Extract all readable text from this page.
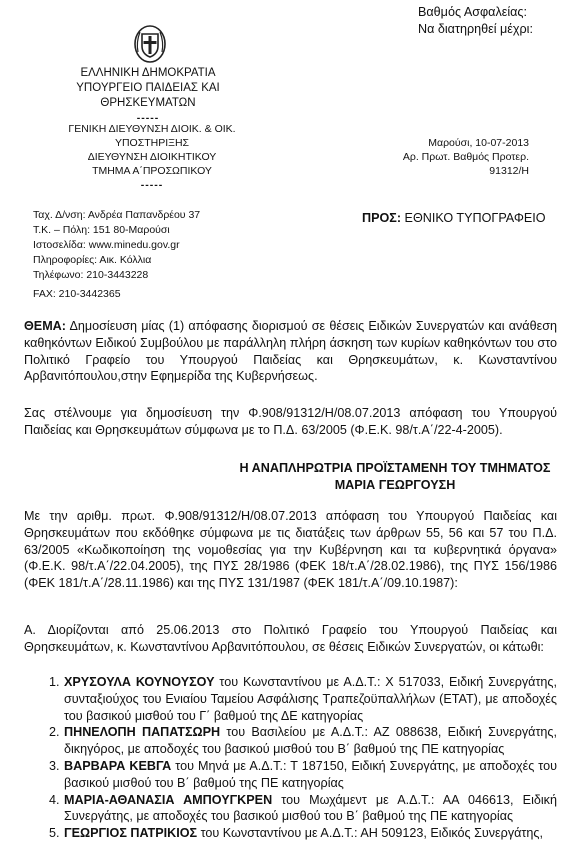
Βαθμός Ασφαλείας:
Να διατηρηθεί μέχρι:
ΕΛΛΗΝΙΚΗ ΔΗΜΟΚΡΑΤΙΑ
ΥΠΟΥΡΓΕΙΟ ΠΑΙΔΕΙΑΣ ΚΑΙ ΘΡΗΣΚΕΥΜΑΤΩΝ
-----
ΓΕΝΙΚΗ ΔΙΕΥΘΥΝΣΗ ΔΙΟΙΚ. & ΟΙΚ. ΥΠΟΣΤΗΡΙΞΗΣ
ΔΙΕΥΘΥΝΣΗ ΔΙΟΙΚΗΤΙΚΟΥ
ΤΜΗΜΑ Α΄ΠΡΟΣΩΠΙΚΟΥ
-----
Μαρούσι, 10-07-2013
Αρ. Πρωτ. Βαθμός Προτερ.
91312/Η
Ταχ. Δ/νση: Ανδρέα Παπανδρέου 37
Τ.Κ. – Πόλη: 151 80-Μαρούσι
Ιστοσελίδα: www.minedu.gov.gr
Πληροφορίες: Αικ. Κόλλια
Τηλέφωνο: 210-3443228
FAX: 210-3442365
ΠΡΟΣ: ΕΘΝΙΚΟ ΤΥΠΟΓΡΑΦΕΙΟ
ΘΕΜΑ: Δημοσίευση μίας (1) απόφασης διορισμού σε θέσεις Ειδικών Συνεργατών και ανάθεση καθηκόντων Ειδικού Συμβούλου με παράλληλη πλήρη άσκηση των κυρίων καθηκόντων του στο Πολιτικό Γραφείο του Υπουργού Παιδείας και Θρησκευμάτων, κ. Κωνσταντίνου Αρβανιτόπουλου,στην Εφημερίδα της Κυβερνήσεως.
Σας στέλνουμε για δημοσίευση την Φ.908/91312/Η/08.07.2013 απόφαση του Υπουργού Παιδείας και Θρησκευμάτων σύμφωνα με το Π.Δ. 63/2005 (Φ.Ε.Κ. 98/τ.Α΄/22-4-2005).
Η ΑΝΑΠΛΗΡΩΤΡΙΑ ΠΡΟΪΣΤΑΜΕΝΗ ΤΟΥ ΤΜΗΜΑΤΟΣ
ΜΑΡΙΑ ΓΕΩΡΓΟΥΣΗ
Με την αριθμ. πρωτ. Φ.908/91312/Η/08.07.2013 απόφαση του Υπουργού Παιδείας και Θρησκευμάτων που εκδόθηκε σύμφωνα με τις διατάξεις των άρθρων 55, 56 και 57 του Π.Δ. 63/2005 «Κωδικοποίηση της νομοθεσίας για την Κυβέρνηση και τα κυβερνητικά όργανα» (Φ.Ε.Κ. 98/τ.Α΄/22.04.2005), της ΠΥΣ 28/1986 (ΦΕΚ 18/τ.Α΄/28.02.1986), της ΠΥΣ 156/1986 (ΦΕΚ 181/τ.Α΄/28.11.1986) και της ΠΥΣ 131/1987 (ΦΕΚ 181/τ.Α΄/09.10.1987):
Α. Διορίζονται από 25.06.2013 στο Πολιτικό Γραφείο του Υπουργού Παιδείας και Θρησκευμάτων, κ. Κωνσταντίνου Αρβανιτόπουλου, σε θέσεις Ειδικών Συνεργατών, οι κάτωθι:
1. ΧΡΥΣΟΥΛΑ ΚΟΥΝΟΥΣΟΥ του Κωνσταντίνου με Α.Δ.Τ.: Χ 517033, Ειδική Συνεργάτης, συνταξιούχος του Ενιαίου Ταμείου Ασφάλισης Τραπεζοϋπαλλήλων (ΕΤΑΤ), με αποδοχές του βασικού μισθού του Γ΄ βαθμού της ΔΕ κατηγορίας
2. ΠΗΝΕΛΟΠΗ ΠΑΠΑΤΣΩΡΗ του Βασιλείου με Α.Δ.Τ.: ΑΖ 088638, Ειδική Συνεργάτης, δικηγόρος, με αποδοχές του βασικού μισθού του Β΄ βαθμού της ΠΕ κατηγορίας
3. ΒΑΡΒΑΡΑ ΚΕΒΓΑ του Μηνά με Α.Δ.Τ.: Τ 187150, Ειδική Συνεργάτης, με αποδοχές του βασικού μισθού του Β΄ βαθμού της ΠΕ κατηγορίας
4. ΜΑΡΙΑ-ΑΘΑΝΑΣΙΑ ΑΜΠΟΥΓΚΡΕΝ του Μωχάμεντ με Α.Δ.Τ.: ΑΑ 046613, Ειδική Συνεργάτης, με αποδοχές του βασικού μισθού του Β΄ βαθμού της ΠΕ κατηγορίας
5. ΓΕΩΡΓΙΟΣ ΠΑΤΡΙΚΙΟΣ του Κωνσταντίνου με Α.Δ.Τ.: ΑΗ 509123, Ειδικός Συνεργάτης,
